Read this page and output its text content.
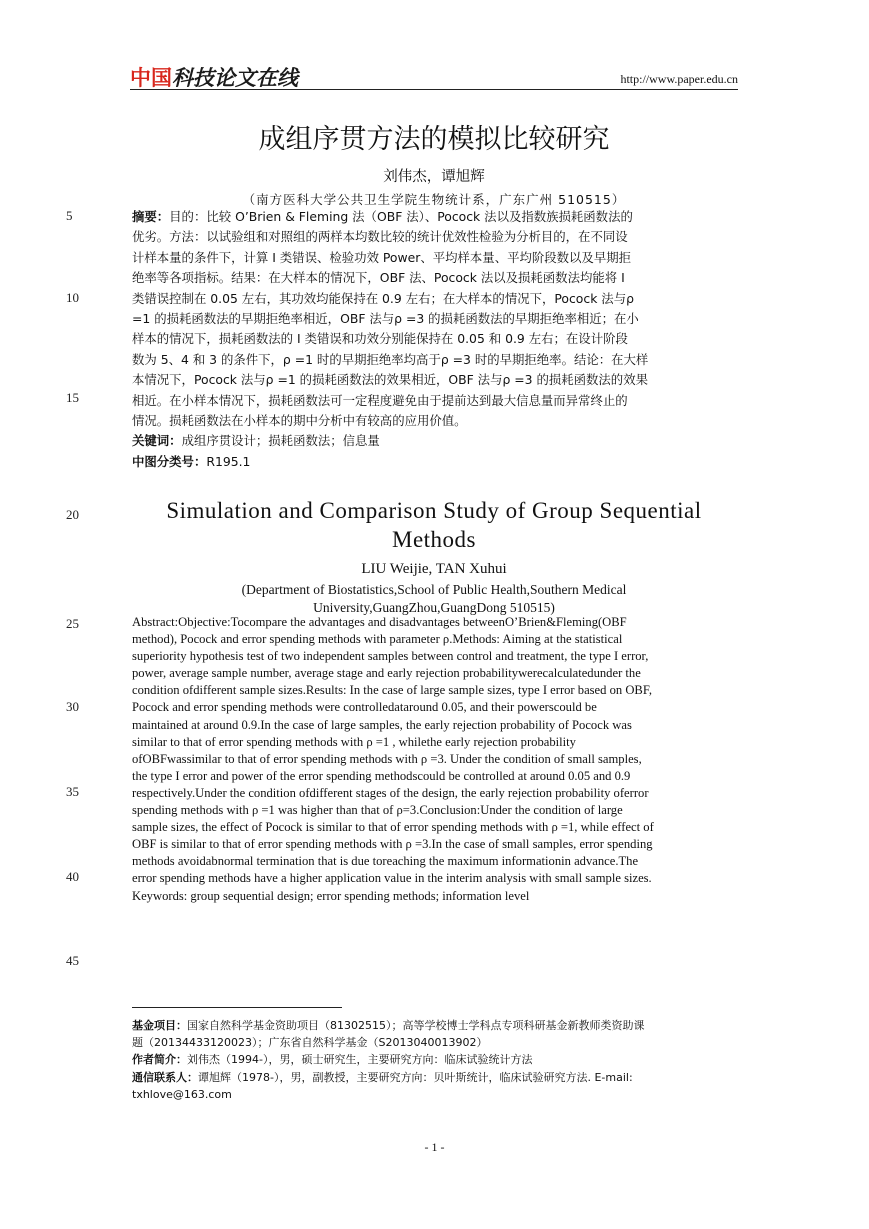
中国科技论文在线	http://www.paper.edu.cn
5
10
15
20
25
30
35
40
45
成组序贯方法的模拟比较研究
刘伟杰，谭旭辉
（南方医科大学公共卫生学院生物统计系，广东广州 510515）
摘要：目的：比较 O’Brien & Fleming 法（OBF 法）、Pocock 法以及指数族损耗函数法的
优劣。方法：以试验组和对照组的两样本均数比较的统计优效性检验为分析目的，在不同设
计样本量的条件下，计算 I 类错误、检验功效 Power、平均样本量、平均阶段数以及早期拒
绝率等各项指标。结果：在大样本的情况下，OBF 法、Pocock 法以及损耗函数法均能将 I
类错误控制在 0.05 左右，其功效均能保持在 0.9 左右；在大样本的情况下，Pocock 法与ρ
=1 的损耗函数法的早期拒绝率相近，OBF 法与ρ =3 的损耗函数法的早期拒绝率相近；在小
样本的情况下，损耗函数法的 I 类错误和功效分别能保持在 0.05 和 0.9 左右；在设计阶段
数为 5、4 和 3 的条件下，ρ =1 时的早期拒绝率均高于ρ =3 时的早期拒绝率。结论：在大样
本情况下，Pocock 法与ρ =1 的损耗函数法的效果相近，OBF 法与ρ =3 的损耗函数法的效果
相近。在小样本情况下，损耗函数法可一定程度避免由于提前达到最大信息量而异常终止的
情况。损耗函数法在小样本的期中分析中有较高的应用价值。
关键词：成组序贯设计；损耗函数法；信息量
中图分类号：R195.1
Simulation and Comparison Study of Group Sequential
Methods
LIU Weijie, TAN Xuhui
(Department of Biostatistics,School of Public Health,Southern Medical
University,GuangZhou,GuangDong 510515)
Abstract:Objective:Tocompare the advantages and disadvantages betweenO’Brien&Fleming(OBF
method), Pocock and error spending methods with parameter ρ.Methods: Aiming at the statistical
superiority hypothesis test of two independent samples between control and treatment, the type I error,
power, average sample number, average stage and early rejection probabilitywerecalculatedunder the
condition ofdifferent sample sizes.Results: In the case of large sample sizes, type I error based on OBF,
Pocock and error spending methods were controlledataround 0.05, and their powerscould be
maintained at around 0.9.In the case of large samples, the early rejection probability of Pocock was
similar to that of error spending methods with ρ =1 , whilethe early rejection probability
ofOBFwassimilar to that of error spending methods with ρ =3. Under the condition of small samples,
the type I error and power of the error spending methodscould be controlled at around 0.05 and 0.9
respectively.Under the condition ofdifferent stages of the design, the early rejection probability oferror
spending methods with ρ =1 was higher than that of ρ=3.Conclusion:Under the condition of large
sample sizes, the effect of Pocock is similar to that of error spending methods with ρ =1, while effect of
OBF is similar to that of error spending methods with ρ =3.In the case of small samples, error spending
methods avoidabnormal termination that is due toreaching the maximum informationin advance.The
error spending methods have a higher application value in the interim analysis with small sample sizes.
Keywords: group sequential design; error spending methods; information level
基金项目：国家自然科学基金资助项目（81302515）；高等学校博士学科点专项科研基金新教师类资助课
题（20134433120023）；广东省自然科学基金（S2013040013902）
作者简介：刘伟杰（1994-），男，硕士研究生，主要研究方向：临床试验统计方法
通信联系人：谭旭辉（1978-），男，副教授，主要研究方向：贝叶斯统计，临床试验研究方法. E-mail:
txhlove@163.com
- 1 -
